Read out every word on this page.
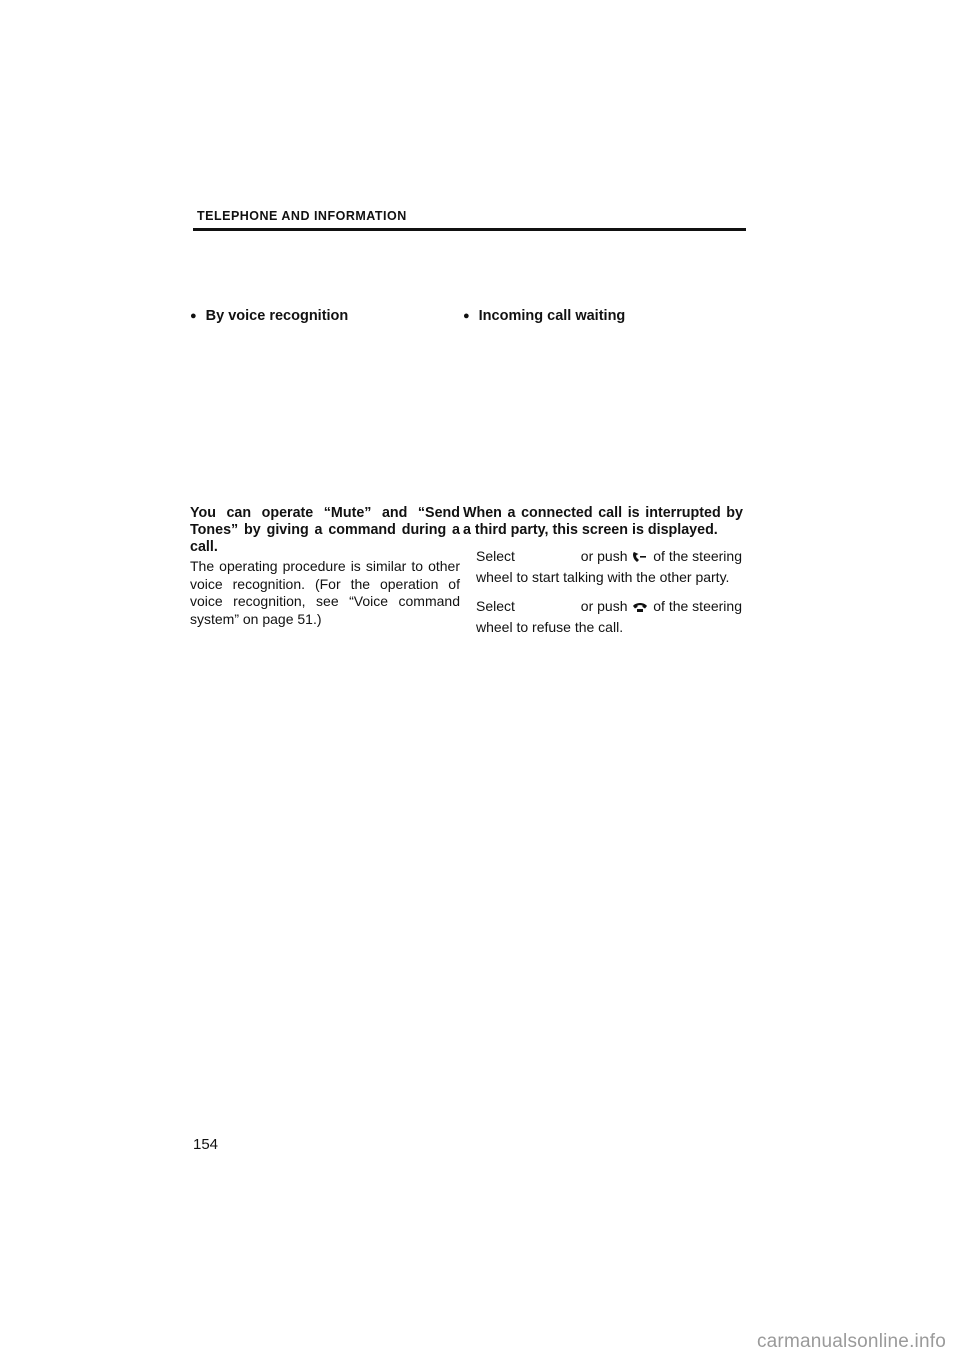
TELEPHONE AND INFORMATION
● By voice recognition
You can operate “Mute” and “Send Tones” by giving a command during a call.
The operating procedure is similar to other voice recognition. (For the operation of voice recognition, see “Voice command system” on page 51.)
● Incoming call waiting
When a connected call is interrupted by a third party, this screen is displayed.
Select	or push of the steering
wheel to start talking with the other party.
Select	or push of the steering
wheel to refuse the call.
154
carmanualsonline.info
